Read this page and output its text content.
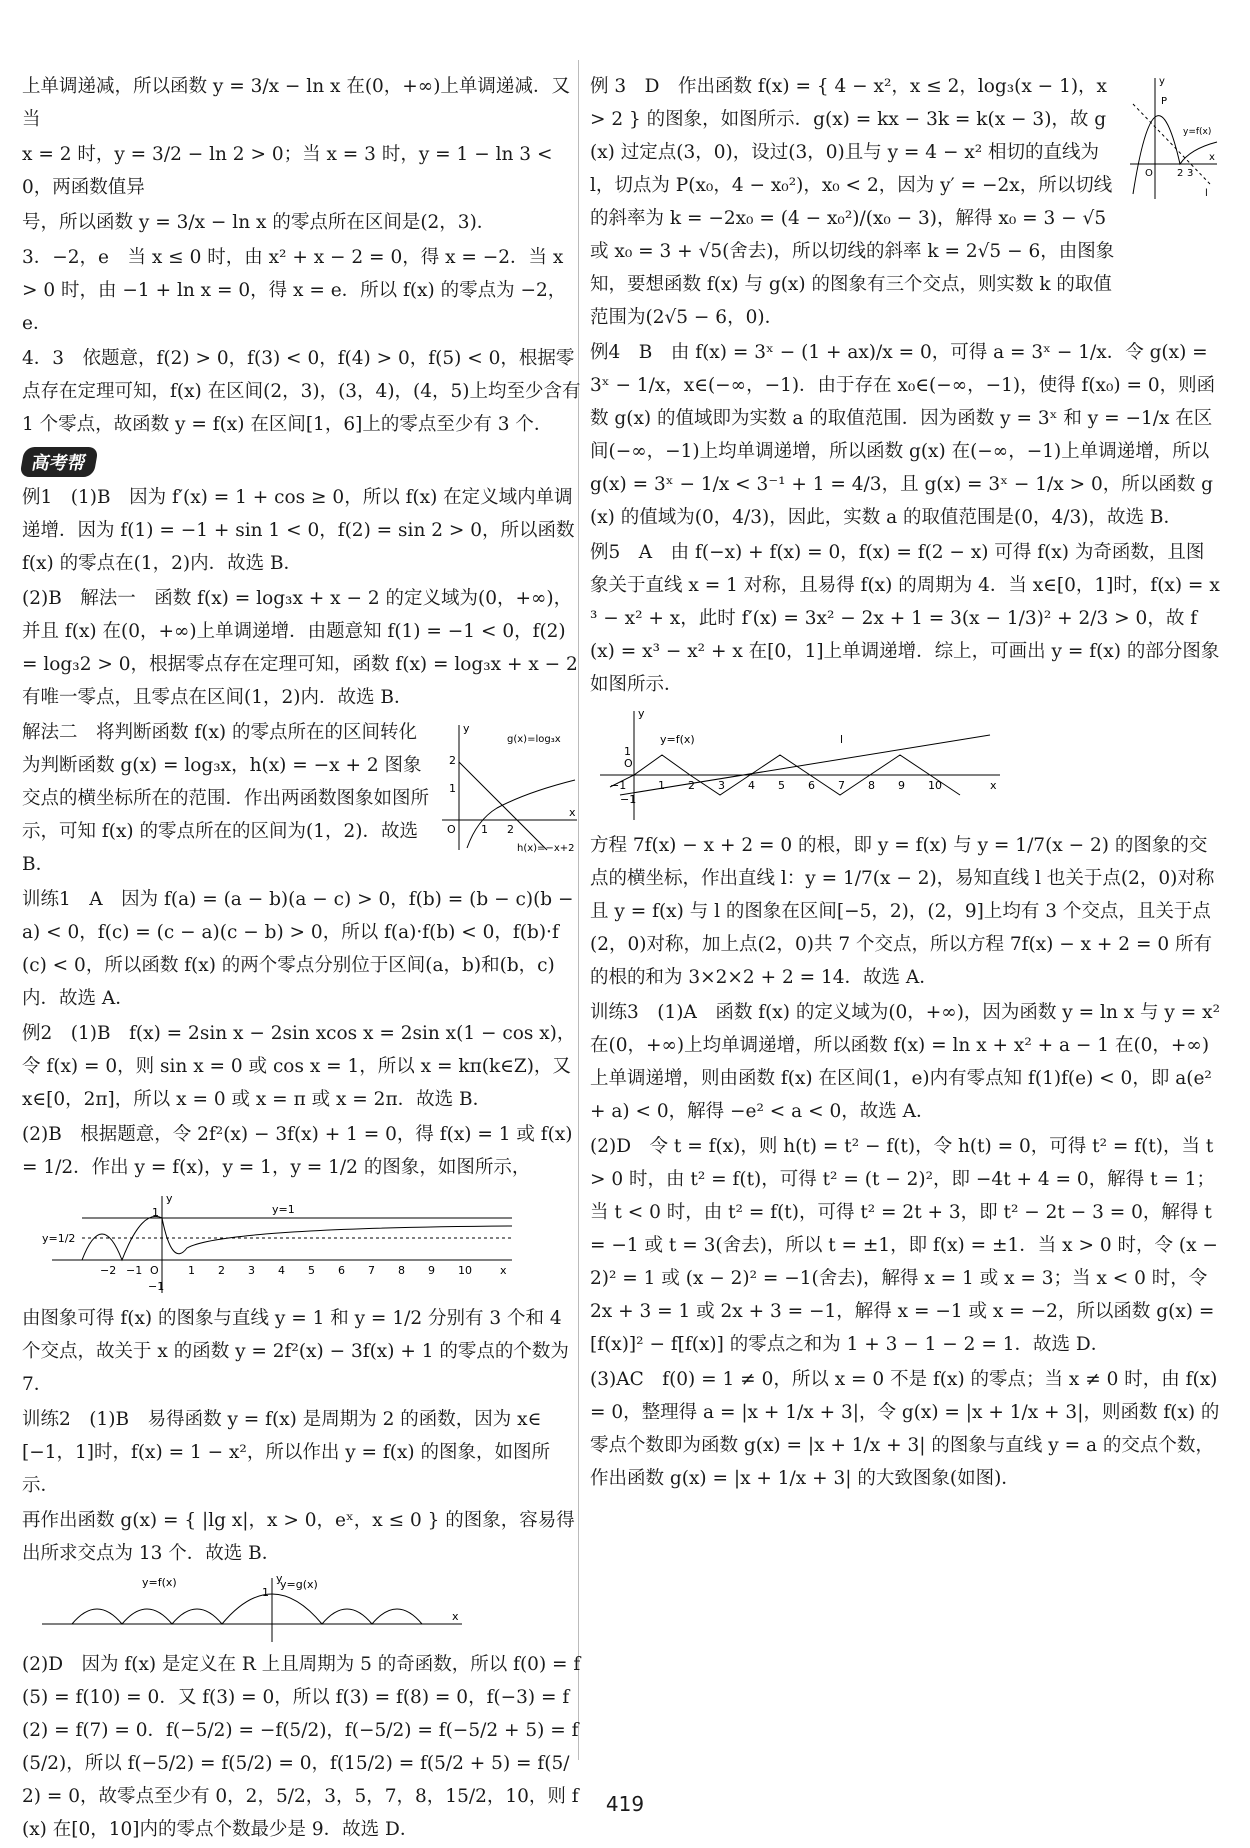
上单调递减，所以函数 y = 3/x − ln x 在(0，+∞)上单调递减．又当

x = 2 时，y = 3/2 − ln 2 > 0；当 x = 3 时，y = 1 − ln 3 < 0，两函数值异

号，所以函数 y = 3/x − ln x 的零点所在区间是(2，3)．

3．−2，e　当 x ≤ 0 时，由 x² + x − 2 = 0，得 x = −2．当 x > 0 时，由 −1 + ln x = 0，得 x = e．所以 f(x) 的零点为 −2，e．

4．3　依题意，f(2) > 0，f(3) < 0，f(4) > 0，f(5) < 0，根据零点存在定理可知，f(x) 在区间(2，3)，(3，4)，(4，5)上均至少含有 1 个零点，故函数 y = f(x) 在区间[1，6]上的零点至少有 3 个．

高考帮

例1　(1)B　因为 f′(x) = 1 + cos ≥ 0，所以 f(x) 在定义域内单调递增．因为 f(1) = −1 + sin 1 < 0，f(2) = sin 2 > 0，所以函数 f(x) 的零点在(1，2)内．故选 B．

(2)B　解法一　函数 f(x) = log₃x + x − 2 的定义域为(0，+∞)，并且 f(x) 在(0，+∞)上单调递增．由题意知 f(1) = −1 < 0，f(2) = log₃2 > 0，根据零点存在定理可知，函数 f(x) = log₃x + x − 2 有唯一零点，且零点在区间(1，2)内．故选 B．

解法二　将判断函数 f(x) 的零点所在的区间转化为判断函数 g(x) = log₃x，h(x) = −x + 2 图象交点的横坐标所在的范围．作出两函数图象如图所示，可知 f(x) 的零点所在的区间为(1，2)．故选 B．

y
x
O 1 2
1
2
g(x)=log₃x
h(x)=−x+2

训练1　A　因为 f(a) = (a − b)(a − c) > 0，f(b) = (b − c)(b − a) < 0，f(c) = (c − a)(c − b) > 0，所以 f(a)·f(b) < 0，f(b)·f(c) < 0，所以函数 f(x) 的两个零点分别位于区间(a，b)和(b，c)内．故选 A．

例2　(1)B　f(x) = 2sin x − 2sin xcos x = 2sin x(1 − cos x)，令 f(x) = 0，则 sin x = 0 或 cos x = 1，所以 x = kπ(k∈Z)，又 x∈[0，2π]，所以 x = 0 或 x = π 或 x = 2π．故选 B．

(2)B　根据题意，令 2f²(x) − 3f(x) + 1 = 0，得 f(x) = 1 或 f(x) = 1/2．作出 y = f(x)，y = 1，y = 1/2 的图象，如图所示，

x
y
O
y=1
y=1/2
1
−1
−2 −1	1 2 3 4 5 6 7 8 9 10

由图象可得 f(x) 的图象与直线 y = 1 和 y = 1/2 分别有 3 个和 4 个交点，故关于 x 的函数 y = 2f²(x) − 3f(x) + 1 的零点的个数为 7．

训练2　(1)B　易得函数 y = f(x) 是周期为 2 的函数，因为 x∈[−1，1]时，f(x) = 1 − x²，所以作出 y = f(x) 的图象，如图所示．

再作出函数 g(x) = { |lg x|，x > 0，eˣ，x ≤ 0 } 的图象，容易得出所求交点为 13 个．故选 B．

y=f(x)	y=g(x)
1
x
y

(2)D　因为 f(x) 是定义在 R 上且周期为 5 的奇函数，所以 f(0) = f(5) = f(10) = 0．又 f(3) = 0，所以 f(3) = f(8) = 0，f(−3) = f(2) = f(7) = 0．f(−5/2) = −f(5/2)，f(−5/2) = f(−5/2 + 5) = f(5/2)，所以 f(−5/2) = f(5/2) = 0，f(15/2) = f(5/2 + 5) = f(5/2) = 0，故零点至少有 0，2，5/2，3，5，7，8，15/2，10，则 f(x) 在[0，10]内的零点个数最少是 9．故选 D．

例 3　D　作出函数 f(x) = { 4 − x²，x ≤ 2，log₃(x − 1)，x > 2 } 的图象，如图所示．g(x) = kx − 3k = k(x − 3)，故 g(x) 过定点(3，0)，设过(3，0)且与 y = 4 − x² 相切的直线为 l，切点为 P(x₀，4 − x₀²)，x₀ < 2，因为 y′ = −2x，所以切线的斜率为 k = −2x₀ = (4 − x₀²)/(x₀ − 3)，解得 x₀ = 3 − √5 或 x₀ = 3 + √5(舍去)，所以切线的斜率 k = 2√5 − 6，由图象知，要想函数 f(x) 与 g(x) 的图象有三个交点，则实数 k 的取值范围为(2√5 − 6，0)．

P
y=f(x)
l
O 2 3
y
x

例4　B　由 f(x) = 3ˣ − (1 + ax)/x = 0，可得 a = 3ˣ − 1/x．令 g(x) = 3ˣ − 1/x，x∈(−∞，−1)．由于存在 x₀∈(−∞，−1)，使得 f(x₀) = 0，则函数 g(x) 的值域即为实数 a 的取值范围．因为函数 y = 3ˣ 和 y = −1/x 在区间(−∞，−1)上均单调递增，所以函数 g(x) 在(−∞，−1)上单调递增，所以 g(x) = 3ˣ − 1/x < 3⁻¹ + 1 = 4/3，且 g(x) = 3ˣ − 1/x > 0，所以函数 g(x) 的值域为(0，4/3)，因此，实数 a 的取值范围是(0，4/3)，故选 B．

例5　A　由 f(−x) + f(x) = 0，f(x) = f(2 − x) 可得 f(x) 为奇函数，且图象关于直线 x = 1 对称，且易得 f(x) 的周期为 4．当 x∈[0，1]时，f(x) = x³ − x² + x，此时 f′(x) = 3x² − 2x + 1 = 3(x − 1/3)² + 2/3 > 0，故 f(x) = x³ − x² + x 在[0，1]上单调递增．综上，可画出 y = f(x) 的部分图象如图所示．

y=f(x)	l
O
1
−1
y
x
−1	1 2 3 4 5 6 7 8 9 10

方程 7f(x) − x + 2 = 0 的根，即 y = f(x) 与 y = 1/7(x − 2) 的图象的交点的横坐标，作出直线 l：y = 1/7(x − 2)，易知直线 l 也关于点(2，0)对称且 y = f(x) 与 l 的图象在区间[−5，2)，(2，9]上均有 3 个交点，且关于点(2，0)对称，加上点(2，0)共 7 个交点，所以方程 7f(x) − x + 2 = 0 所有的根的和为 3×2×2 + 2 = 14．故选 A．

训练3　(1)A　函数 f(x) 的定义域为(0，+∞)，因为函数 y = ln x 与 y = x² 在(0，+∞)上均单调递增，所以函数 f(x) = ln x + x² + a − 1 在(0，+∞)上单调递增，则由函数 f(x) 在区间(1，e)内有零点知 f(1)f(e) < 0，即 a(e² + a) < 0，解得 −e² < a < 0，故选 A．

(2)D　令 t = f(x)，则 h(t) = t² − f(t)，令 h(t) = 0，可得 t² = f(t)，当 t > 0 时，由 t² = f(t)，可得 t² = (t − 2)²，即 −4t + 4 = 0，解得 t = 1；当 t < 0 时，由 t² = f(t)，可得 t² = 2t + 3，即 t² − 2t − 3 = 0，解得 t = −1 或 t = 3(舍去)，所以 t = ±1，即 f(x) = ±1．当 x > 0 时，令 (x − 2)² = 1 或 (x − 2)² = −1(舍去)，解得 x = 1 或 x = 3；当 x < 0 时，令 2x + 3 = 1 或 2x + 3 = −1，解得 x = −1 或 x = −2，所以函数 g(x) = [f(x)]² − f[f(x)] 的零点之和为 1 + 3 − 1 − 2 = 1．故选 D．

(3)AC　f(0) = 1 ≠ 0，所以 x = 0 不是 f(x) 的零点；当 x ≠ 0 时，由 f(x) = 0，整理得 a = |x + 1/x + 3|，令 g(x) = |x + 1/x + 3|，则函数 f(x) 的零点个数即为函数 g(x) = |x + 1/x + 3| 的图象与直线 y = a 的交点个数，作出函数 g(x) = |x + 1/x + 3| 的大致图象(如图)．

419
